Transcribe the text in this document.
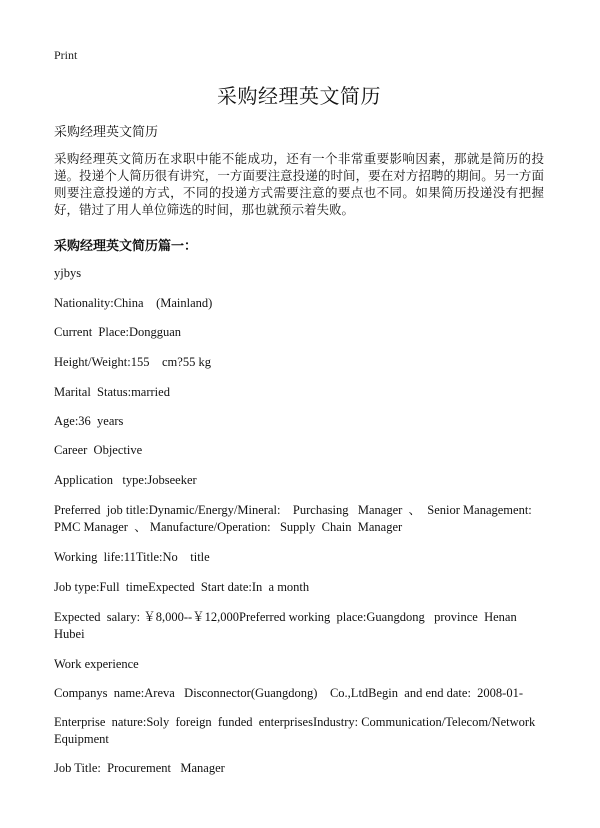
Print
采购经理英文简历
采购经理英文简历

采购经理英文简历在求职中能不能成功，还有一个非常重要影响因素，那就是简历的投递。投递个人简历很有讲究，一方面要注意投递的时间，要在对方招聘的期间。另一方面则要注意投递的方式，不同的投递方式需要注意的要点也不同。如果简历投递没有把握好，错过了用人单位筛选的时间，那也就预示着失败。

采购经理英文简历篇一：

yjbys

Nationality:China    (Mainland)

Current  Place:Dongguan

Height/Weight:155    cm?55 kg

Marital  Status:married

Age:36  years

Career  Objective

Application   type:Jobseeker

Preferred  job title:Dynamic/Energy/Mineral:    Purchasing   Manager  、  Senior Management:  PMC Manager  、 Manufacture/Operation:   Supply  Chain  Manager

Working  life:11Title:No    title

Job type:Full  timeExpected  Start date:In  a month

Expected  salary: ￥8,000--￥12,000Preferred working  place:Guangdong   province  Henan Hubei

Work experience

Companys  name:Areva   Disconnector(Guangdong)    Co.,LtdBegin  and end date:  2008-01-

Enterprise  nature:Soly  foreign  funded  enterprisesIndustry: Communication/Telecom/Network     Equipment

Job Title:  Procurement   Manager
